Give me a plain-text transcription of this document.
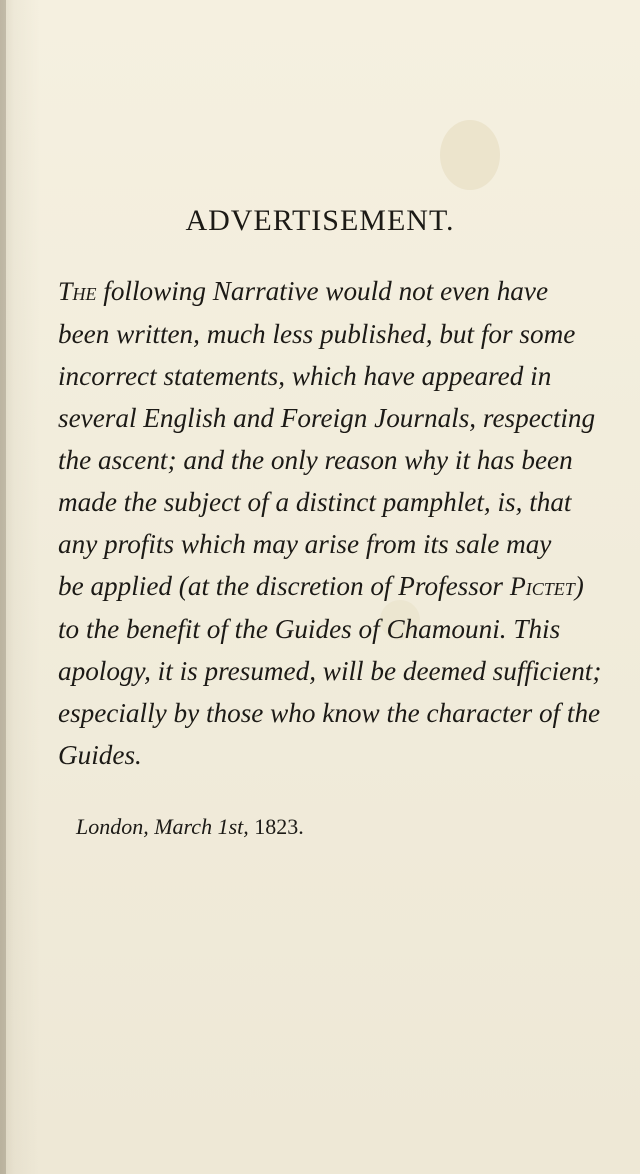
ADVERTISEMENT.

The following Narrative would not even have
been written, much less published, but for some
incorrect statements, which have appeared in
several English and Foreign Journals, respecting
the ascent; and the only reason why it has been
made the subject of a distinct pamphlet, is, that
any profits which may arise from its sale may
be applied (at the discretion of Professor Pictet)
to the benefit of the Guides of Chamouni. This
apology, it is presumed, will be deemed sufficient;
especially by those who know the character of the
Guides.

London, March 1st, 1823.
